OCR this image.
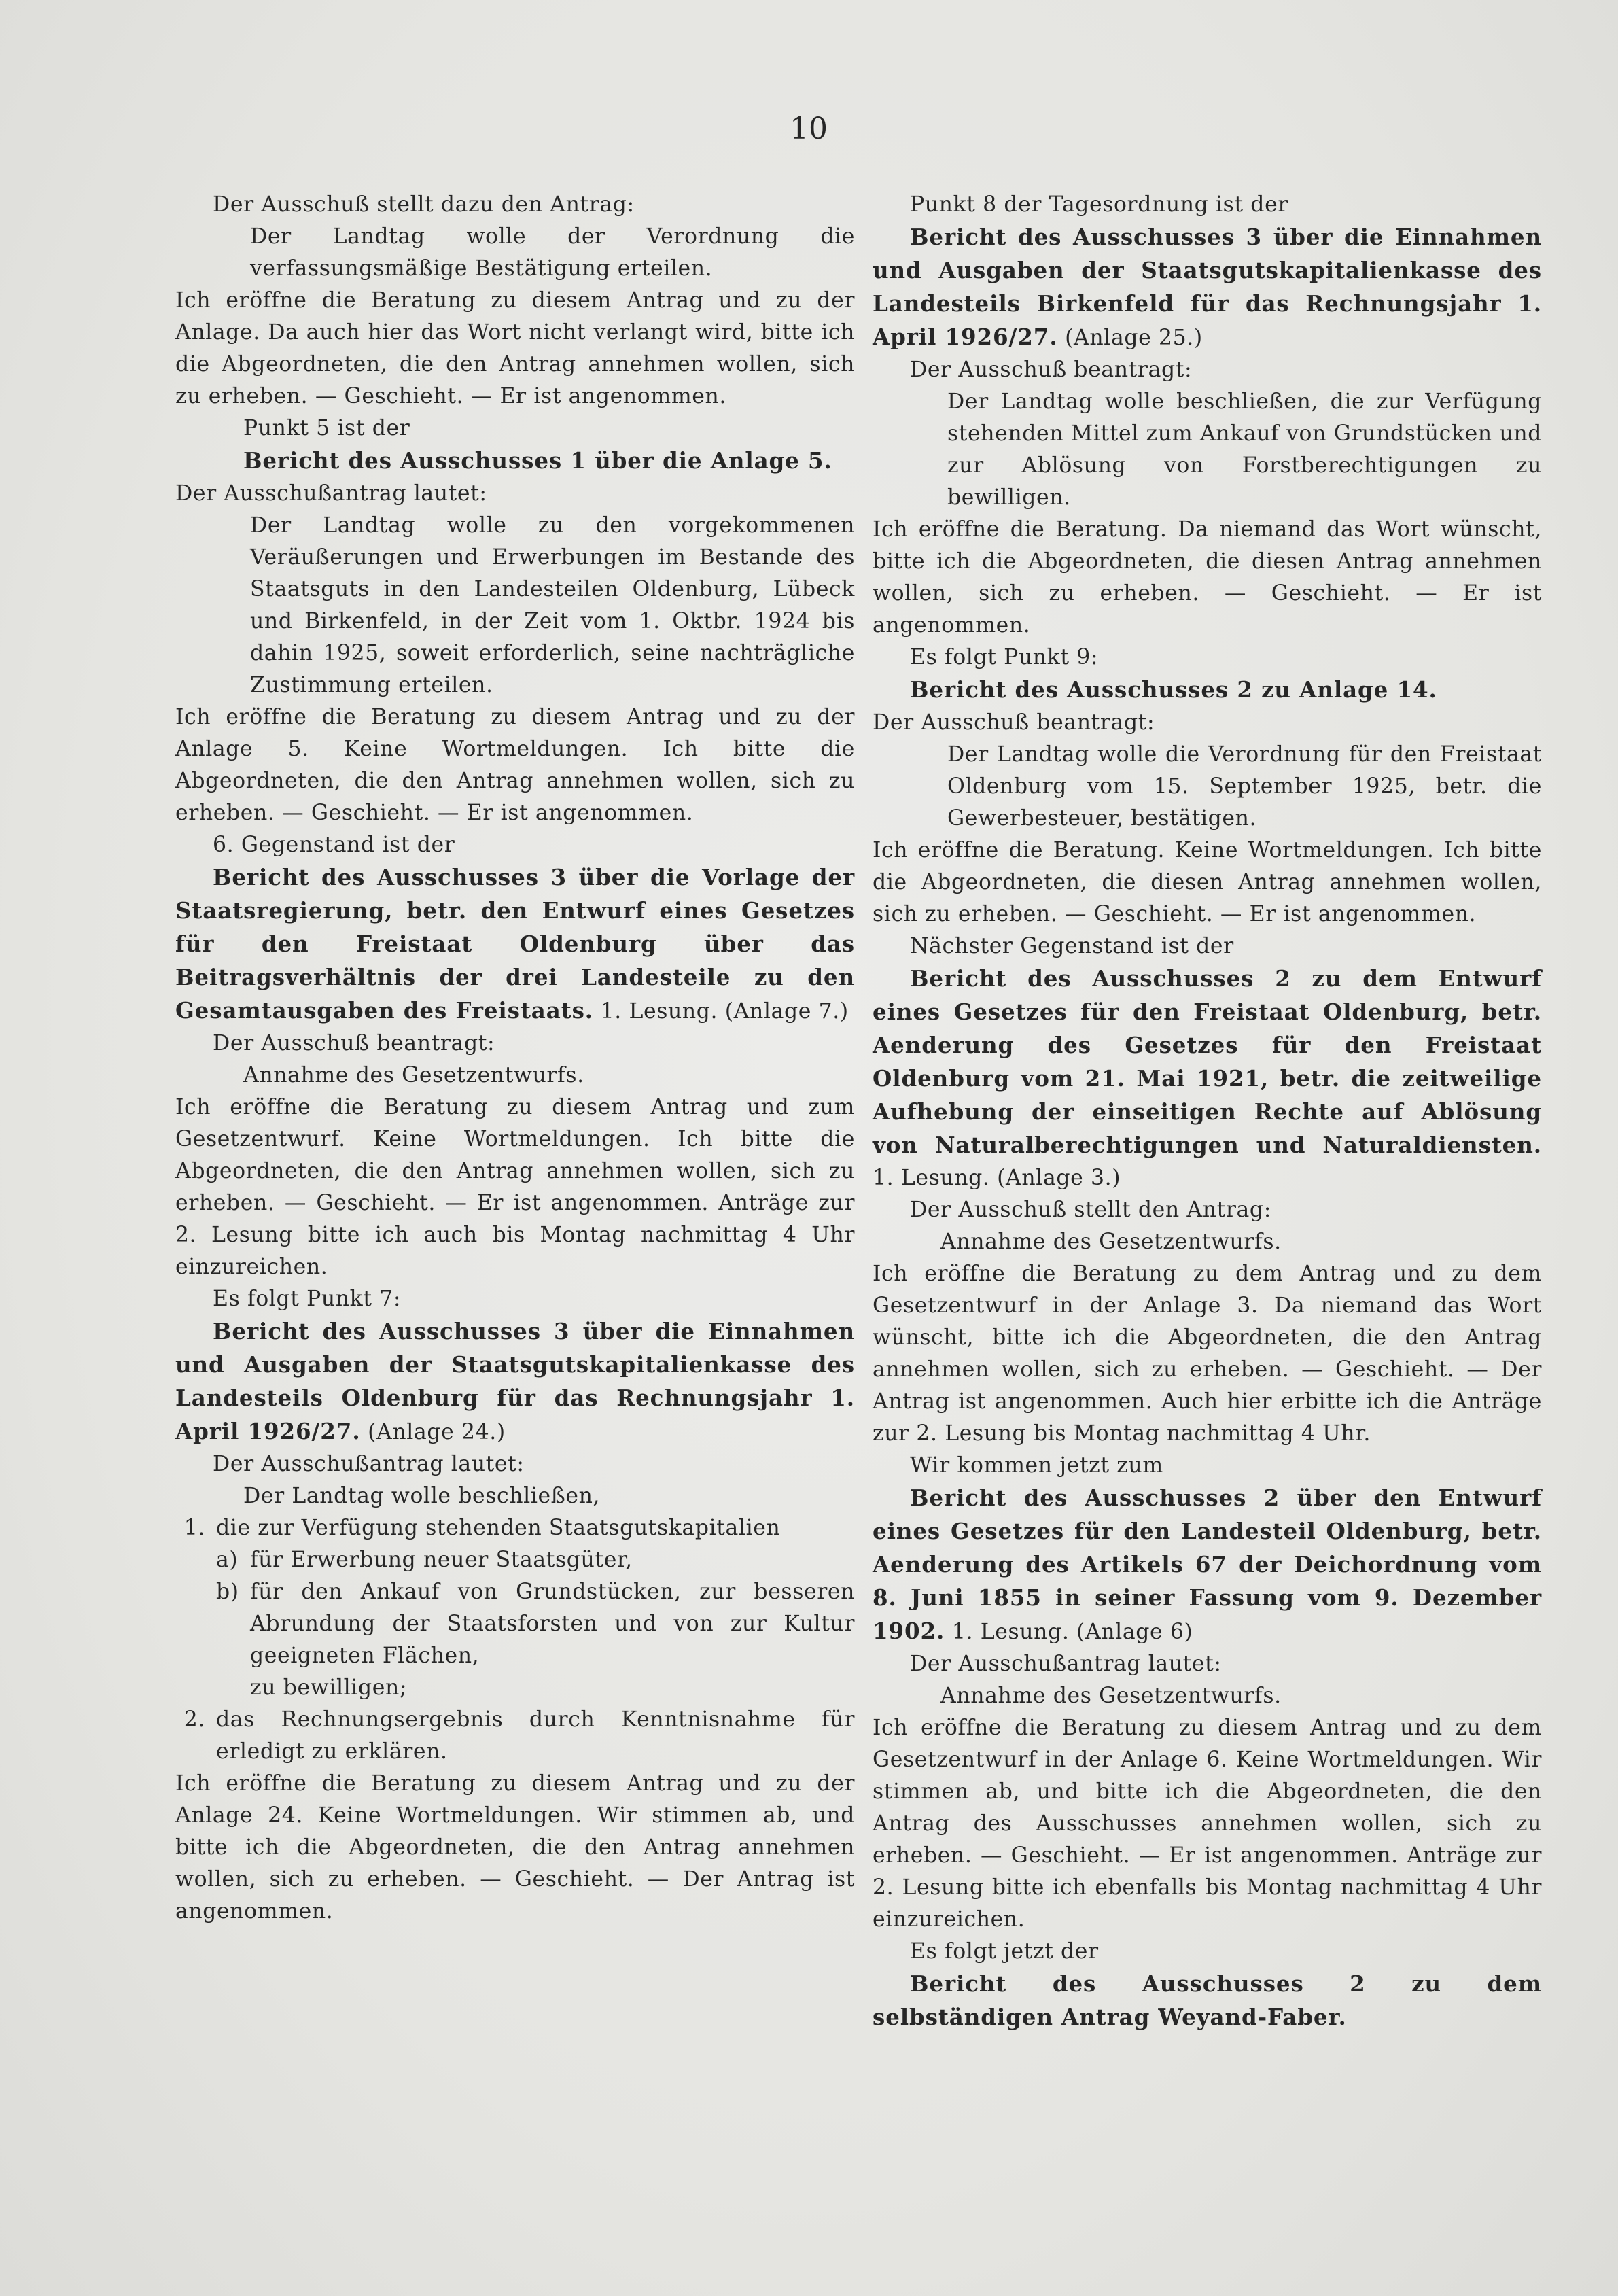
10

Der Ausschuß stellt dazu den Antrag:

Der Landtag wolle der Verordnung die verfassungsmäßige Bestätigung erteilen.

Ich eröffne die Beratung zu diesem Antrag und zu der Anlage. Da auch hier das Wort nicht verlangt wird, bitte ich die Abgeordneten, die den Antrag annehmen wollen, sich zu erheben. — Geschieht. — Er ist angenommen.

Punkt 5 ist der

Bericht des Ausschusses 1 über die Anlage 5.

Der Ausschußantrag lautet:

Der Landtag wolle zu den vorgekommenen Veräußerungen und Erwerbungen im Bestande des Staatsguts in den Landesteilen Oldenburg, Lübeck und Birkenfeld, in der Zeit vom 1. Oktbr. 1924 bis dahin 1925, soweit erforderlich, seine nachträgliche Zustimmung erteilen.

Ich eröffne die Beratung zu diesem Antrag und zu der Anlage 5. Keine Wortmeldungen. Ich bitte die Abgeordneten, die den Antrag annehmen wollen, sich zu erheben. — Geschieht. — Er ist angenommen.

6. Gegenstand ist der

Bericht des Ausschusses 3 über die Vorlage der Staatsregierung, betr. den Entwurf eines Gesetzes für den Freistaat Oldenburg über das Beitragsverhältnis der drei Landesteile zu den Gesamtausgaben des Freistaats. 1. Lesung. (Anlage 7.)

Der Ausschuß beantragt:

Annahme des Gesetzentwurfs.

Ich eröffne die Beratung zu diesem Antrag und zum Gesetzentwurf. Keine Wortmeldungen. Ich bitte die Abgeordneten, die den Antrag annehmen wollen, sich zu erheben. — Geschieht. — Er ist angenommen. Anträge zur 2. Lesung bitte ich auch bis Montag nachmittag 4 Uhr einzureichen.

Es folgt Punkt 7:

Bericht des Ausschusses 3 über die Einnahmen und Ausgaben der Staatsgutskapitalienkasse des Landesteils Oldenburg für das Rechnungsjahr 1. April 1926/27. (Anlage 24.)

Der Ausschußantrag lautet:

Der Landtag wolle beschließen,

1. die zur Verfügung stehenden Staatsgutskapitalien
a) für Erwerbung neuer Staatsgüter,
b) für den Ankauf von Grundstücken, zur besseren Abrundung der Staatsforsten und von zur Kultur geeigneten Flächen,
zu bewilligen;
2. das Rechnungsergebnis durch Kenntnisnahme für erledigt zu erklären.

Ich eröffne die Beratung zu diesem Antrag und zu der Anlage 24. Keine Wortmeldungen. Wir stimmen ab, und bitte ich die Abgeordneten, die den Antrag annehmen wollen, sich zu erheben. — Geschieht. — Der Antrag ist angenommen.

Punkt 8 der Tagesordnung ist der

Bericht des Ausschusses 3 über die Einnahmen und Ausgaben der Staatsgutskapitalienkasse des Landesteils Birkenfeld für das Rechnungsjahr 1. April 1926/27. (Anlage 25.)

Der Ausschuß beantragt:

Der Landtag wolle beschließen, die zur Verfügung stehenden Mittel zum Ankauf von Grundstücken und zur Ablösung von Forstberechtigungen zu bewilligen.

Ich eröffne die Beratung. Da niemand das Wort wünscht, bitte ich die Abgeordneten, die diesen Antrag annehmen wollen, sich zu erheben. — Geschieht. — Er ist angenommen.

Es folgt Punkt 9:

Bericht des Ausschusses 2 zu Anlage 14.

Der Ausschuß beantragt:

Der Landtag wolle die Verordnung für den Freistaat Oldenburg vom 15. September 1925, betr. die Gewerbesteuer, bestätigen.

Ich eröffne die Beratung. Keine Wortmeldungen. Ich bitte die Abgeordneten, die diesen Antrag annehmen wollen, sich zu erheben. — Geschieht. — Er ist angenommen.

Nächster Gegenstand ist der

Bericht des Ausschusses 2 zu dem Entwurf eines Gesetzes für den Freistaat Oldenburg, betr. Aenderung des Gesetzes für den Freistaat Oldenburg vom 21. Mai 1921, betr. die zeitweilige Aufhebung der einseitigen Rechte auf Ablösung von Naturalberechtigungen und Naturaldiensten. 1. Lesung. (Anlage 3.)

Der Ausschuß stellt den Antrag:

Annahme des Gesetzentwurfs.

Ich eröffne die Beratung zu dem Antrag und zu dem Gesetzentwurf in der Anlage 3. Da niemand das Wort wünscht, bitte ich die Abgeordneten, die den Antrag annehmen wollen, sich zu erheben. — Geschieht. — Der Antrag ist angenommen. Auch hier erbitte ich die Anträge zur 2. Lesung bis Montag nachmittag 4 Uhr.

Wir kommen jetzt zum

Bericht des Ausschusses 2 über den Entwurf eines Gesetzes für den Landesteil Oldenburg, betr. Aenderung des Artikels 67 der Deichordnung vom 8. Juni 1855 in seiner Fassung vom 9. Dezember 1902. 1. Lesung. (Anlage 6)

Der Ausschußantrag lautet:

Annahme des Gesetzentwurfs.

Ich eröffne die Beratung zu diesem Antrag und zu dem Gesetzentwurf in der Anlage 6. Keine Wortmeldungen. Wir stimmen ab, und bitte ich die Abgeordneten, die den Antrag des Ausschusses annehmen wollen, sich zu erheben. — Geschieht. — Er ist angenommen. Anträge zur 2. Lesung bitte ich ebenfalls bis Montag nachmittag 4 Uhr einzureichen.

Es folgt jetzt der

Bericht des Ausschusses 2 zu dem selbständigen Antrag Weyand-Faber.
